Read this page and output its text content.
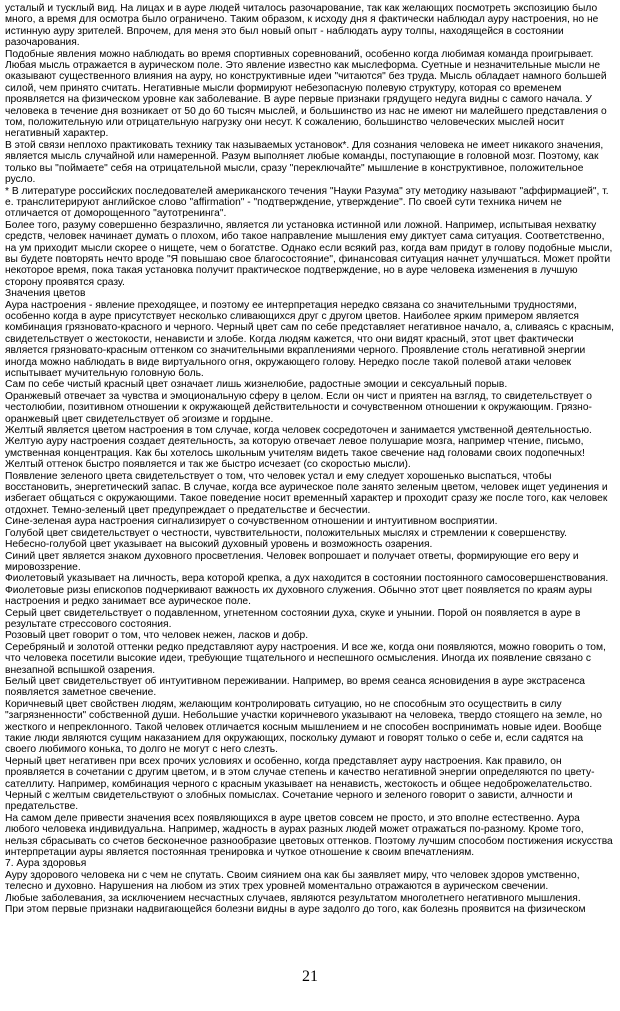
усталый и тусклый вид. На лицах и в ауре людей читалось разочарование, так как желающих посмотреть экспозицию было много, а время для осмотра было ограничено. Таким образом, к исходу дня я фактически наблюдал ауру настроения, но не истинную ауру зрителей. Впрочем, для меня это был новый опыт - наблюдать ауру толпы, находящейся в состоянии разочарования.

Подобные явления можно наблюдать во время спортивных соревнований, особенно когда любимая команда проигрывает.

Любая мысль отражается в аурическом поле. Это явление известно как мыслеформа. Суетные и незначительные мысли не оказывают существенного влияния на ауру, но конструктивные идеи "читаются" без труда. Мысль обладает намного большей силой, чем принято считать. Негативные мысли формируют небезопасную полевую структуру, которая со временем проявляется на физическом уровне как заболевание. В ауре первые признаки грядущего недуга видны с самого начала. У человека в течение дня возникает от 50 до 60 тысяч мыслей, и большинство из нас не имеют ни малейшего представления о том, положительную или отрицательную нагрузку они несут. К сожалению, большинство человеческих мыслей носит негативный характер.

В этой связи неплохо практиковать технику так называемых установок*. Для сознания человека не имеет никакого значения, является мысль случайной или намеренной. Разум выполняет любые команды, поступающие в головной мозг. Поэтому, как только вы "поймаете" себя на отрицательной мысли, сразу "переключайте" мышление в конструктивное, положительное русло.

* В литературе российских последователей американского течения "Науки Разума" эту методику называют "аффирмацией", т. е. транслитерируют английское слово "affirmation" - "подтверждение, утверждение". По своей сути техника ничем не отличается от доморощенного "аутотренинга".

Более того, разуму совершенно безразлично, является ли установка истинной или ложной. Например, испытывая нехватку средств, человек начинает думать о плохом, ибо такое направление мышления ему диктует сама ситуация. Соответственно, на ум приходит мысли скорее о нищете, чем о богатстве. Однако если всякий раз, когда вам придут в голову подобные мысли, вы будете повторять нечто вроде "Я повышаю свое благосостояние", финансовая ситуация начнет улучшаться. Может пройти некоторое время, пока такая установка получит практическое подтверждение, но в ауре человека изменения в лучшую сторону проявятся сразу.

Значения цветов

Аура настроения - явление преходящее, и поэтому ее интерпретация нередко связана со значительными трудностями, особенно когда в ауре присутствует несколько сливающихся друг с другом цветов. Наиболее ярким примером является комбинация грязновато-красного и черного. Черный цвет сам по себе представляет негативное начало, а, сливаясь с красным, свидетельствует о жестокости, ненависти и злобе. Когда людям кажется, что они видят красный, этот цвет фактически является грязновато-красным оттенком со значительными вкраплениями черного. Проявление столь негативной энергии иногда можно наблюдать в виде виртуального огня, окружающего голову. Нередко после такой полевой атаки человек испытывает мучительную головную боль.

Сам по себе чистый красный цвет означает лишь жизнелюбие, радостные эмоции и сексуальный порыв.

Оранжевый отвечает за чувства и эмоциональную сферу в целом. Если он чист и приятен на взгляд, то свидетельствует о честолюбии, позитивном отношении к окружающей действительности и сочувственном отношении к окружающим. Грязно-оранжевый цвет свидетельствует об эгоизме и гордыне.

Желтый является цветом настроения в том случае, когда человек сосредоточен и занимается умственной деятельностью. Желтую ауру настроения создает деятельность, за которую отвечает левое полушарие мозга, например чтение, письмо, умственная концентрация. Как бы хотелось школьным учителям видеть такое свечение над головами своих подопечных! Желтый оттенок быстро появляется и так же быстро исчезает (со скоростью мысли).

Появление зеленого цвета свидетельствует о том, что человек устал и ему следует хорошенько выспаться, чтобы восстановить, энергетический запас. В случае, когда все аурическое поле занято зеленым цветом, человек ищет уединения и избегает общаться с окружающими. Такое поведение носит временный характер и проходит сразу же после того, как человек отдохнет. Темно-зеленый цвет предупреждает о предательстве и бесчестии.

Сине-зеленая аура настроения сигнализирует о сочувственном отношении и интуитивном восприятии.

Голубой цвет свидетельствует о честности, чувствительности, положительных мыслях и стремлении к совершенству.

Небесно-голубой цвет указывает на высокий духовный уровень и возможность озарения.

Синий цвет является знаком духовного просветления. Человек вопрошает и получает ответы, формирующие его веру и мировоззрение.

Фиолетовый указывает на личность, вера которой крепка, а дух находится в состоянии постоянного самосовершенствования. Фиолетовые ризы епископов подчеркивают важность их духовного служения. Обычно этот цвет появляется по краям ауры настроения и редко занимает все аурическое поле.

Серый цвет свидетельствует о подавленном, угнетенном состоянии духа, скуке и унынии. Порой он появляется в ауре в результате стрессового состояния.

Розовый цвет говорит о том, что человек нежен, ласков и добр.

Серебряный и золотой оттенки редко представляют ауру настроения. И все же, когда они появляются, можно говорить о том, что человека посетили высокие идеи, требующие тщательного и неспешного осмысления. Иногда их появление связано с внезапной вспышкой озарения.

Белый цвет свидетельствует об интуитивном переживании. Например, во время сеанса ясновидения в ауре экстрасенса появляется заметное свечение.

Коричневый цвет свойствен людям, желающим контролировать ситуацию, но не способным это осуществить в силу "загрязненности" собственной души. Небольшие участки коричневого указывают на человека, твердо стоящего на земле, но жесткого и непреклонного. Такой человек отличается косным мышлением и не способен воспринимать новые идеи. Вообще такие люди являются сущим наказанием для окружающих, поскольку думают и говорят только о себе и, если садятся на своего любимого конька, то долго не могут с него слезть.

Черный цвет негативен при всех прочих условиях и особенно, когда представляет ауру настроения. Как правило, он проявляется в сочетании с другим цветом, и в этом случае степень и качество негативной энергии определяются по цвету-сателлиту. Например, комбинация черного с красным указывает на ненависть, жестокость и общее недоброжелательство. Черный с желтым свидетельствуют о злобных помыслах. Сочетание черного и зеленого говорит о зависти, алчности и предательстве.

На самом деле привести значения всех появляющихся в ауре цветов совсем не просто, и это вполне естественно. Аура любого человека индивидуальна. Например, жадность в аурах разных людей может отражаться по-разному. Кроме того, нельзя сбрасывать со счетов бесконечное разнообразие цветовых оттенков. Поэтому лучшим способом постижения искусства интерпретации ауры является постоянная тренировка и чуткое отношение к своим впечатлениям.

7. Аура здоровья

Ауру здорового человека ни с чем не спутать. Своим сиянием она как бы заявляет миру, что человек здоров умственно, телесно и духовно. Нарушения на любом из этих трех уровней моментально отражаются в аурическом свечении.

Любые заболевания, за исключением несчастных случаев, являются результатом многолетнего негативного мышления.

При этом первые признаки надвигающейся болезни видны в ауре задолго до того, как болезнь проявится на физическом

21
